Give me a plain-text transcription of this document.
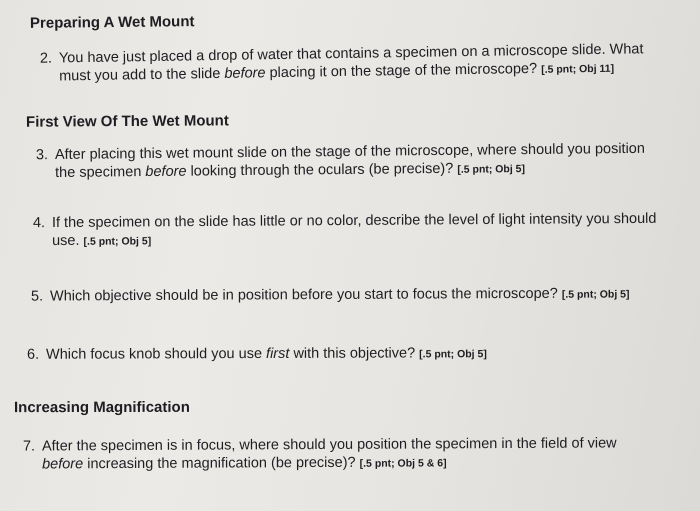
Preparing A Wet Mount
2. You have just placed a drop of water that contains a specimen on a microscope slide. What
must you add to the slide before placing it on the stage of the microscope? [.5 pnt; Obj 11]
First View Of The Wet Mount
3. After placing this wet mount slide on the stage of the microscope, where should you position
the specimen before looking through the oculars (be precise)? [.5 pnt; Obj 5]
4. If the specimen on the slide has little or no color, describe the level of light intensity you should
use. [.5 pnt; Obj 5]
5. Which objective should be in position before you start to focus the microscope? [.5 pnt; Obj 5]
6. Which focus knob should you use first with this objective? [.5 pnt; Obj 5]
Increasing Magnification
7. After the specimen is in focus, where should you position the specimen in the field of view
before increasing the magnification (be precise)? [.5 pnt; Obj 5 & 6]
